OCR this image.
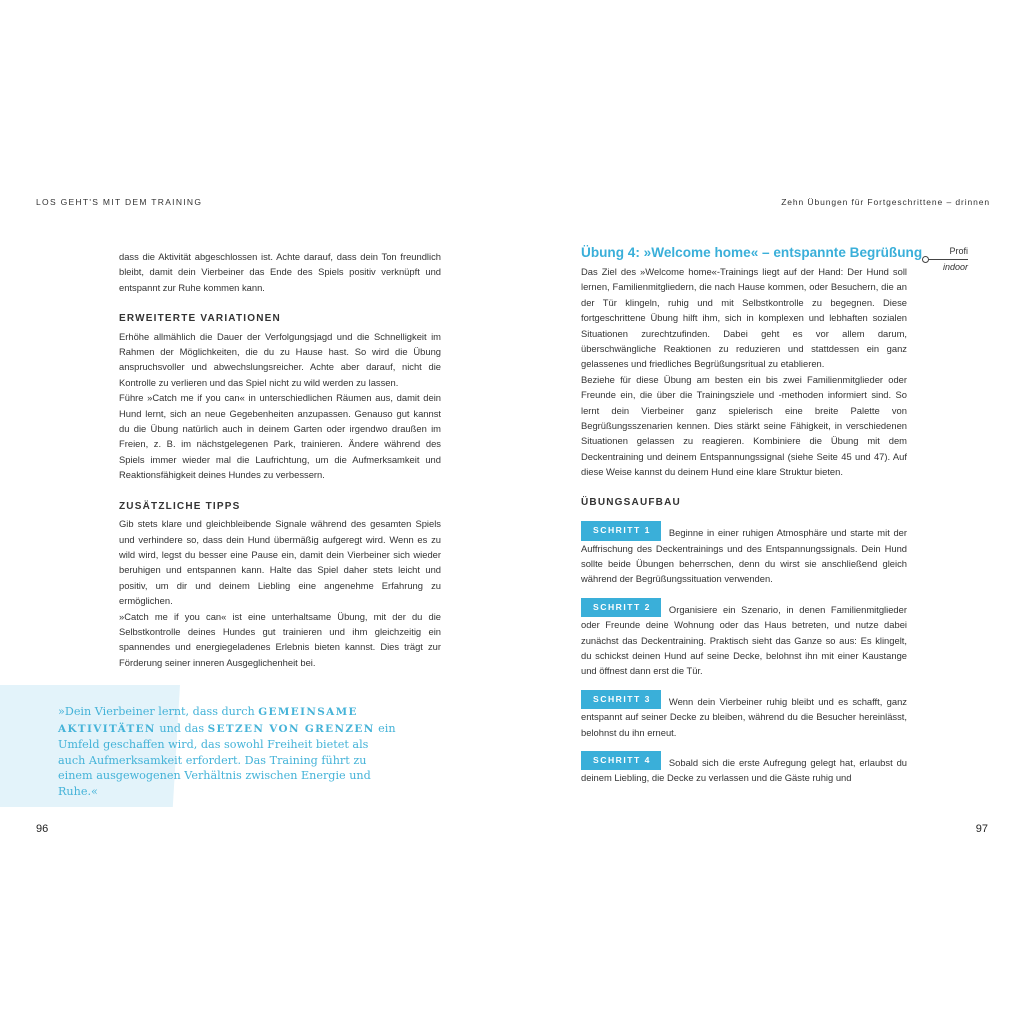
LOS GEHT'S MIT DEM TRAINING	Zehn Übungen für Fortgeschrittene – drinnen

dass die Aktivität abgeschlossen ist. Achte darauf, dass dein Ton freundlich bleibt, damit dein Vierbeiner das Ende des Spiels positiv verknüpft und entspannt zur Ruhe kommen kann.

ERWEITERTE VARIATIONEN

Erhöhe allmählich die Dauer der Verfolgungsjagd und die Schnelligkeit im Rahmen der Möglichkeiten, die du zu Hause hast. So wird die Übung anspruchsvoller und abwechslungsreicher. Achte aber darauf, nicht die Kontrolle zu verlieren und das Spiel nicht zu wild werden zu lassen.

Führe »Catch me if you can« in unterschiedlichen Räumen aus, damit dein Hund lernt, sich an neue Gegebenheiten anzupassen. Genauso gut kannst du die Übung natürlich auch in deinem Garten oder irgendwo draußen im Freien, z. B. im nächstgelegenen Park, trainieren. Ändere während des Spiels immer wieder mal die Laufrichtung, um die Aufmerksamkeit und Reaktionsfähigkeit deines Hundes zu verbessern.

ZUSÄTZLICHE TIPPS

Gib stets klare und gleichbleibende Signale während des gesamten Spiels und verhindere so, dass dein Hund übermäßig aufgeregt wird. Wenn es zu wild wird, legst du besser eine Pause ein, damit dein Vierbeiner sich wieder beruhigen und entspannen kann. Halte das Spiel daher stets leicht und positiv, um dir und deinem Liebling eine angenehme Erfahrung zu ermöglichen.

»Catch me if you can« ist eine unterhaltsame Übung, mit der du die Selbstkontrolle deines Hundes gut trainieren und ihm gleichzeitig ein spannendes und energiegeladenes Erlebnis bieten kannst. Dies trägt zur Förderung seiner inneren Ausgeglichenheit bei.

»Dein Vierbeiner lernt, dass durch GEMEINSAME AKTIVITÄTEN und das SETZEN VON GRENZEN ein Umfeld geschaffen wird, das sowohl Freiheit bietet als auch Aufmerksamkeit erfordert. Das Training führt zu einem ausgewogenen Verhältnis zwischen Energie und Ruhe.«
96
Übung 4: »Welcome home« – entspannte Begrüßung	Profi
indoor

Das Ziel des »Welcome home«-Trainings liegt auf der Hand: Der Hund soll lernen, Familienmitgliedern, die nach Hause kommen, oder Besuchern, die an der Tür klingeln, ruhig und mit Selbstkontrolle zu begegnen. Diese fortgeschrittene Übung hilft ihm, sich in komplexen und lebhaften sozialen Situationen zurechtzufinden. Dabei geht es vor allem darum, überschwängliche Reaktionen zu reduzieren und stattdessen ein ganz gelassenes und friedliches Begrüßungsritual zu etablieren.

Beziehe für diese Übung am besten ein bis zwei Familienmitglieder oder Freunde ein, die über die Trainingsziele und -methoden informiert sind. So lernt dein Vierbeiner ganz spielerisch eine breite Palette von Begrüßungsszenarien kennen. Dies stärkt seine Fähigkeit, in verschiedenen Situationen gelassen zu reagieren. Kombiniere die Übung mit dem Deckentraining und deinem Entspannungssignal (siehe Seite 45 und 47). Auf diese Weise kannst du deinem Hund eine klare Struktur bieten.

ÜBUNGSAUFBAU
SCHRITT 1 Beginne in einer ruhigen Atmosphäre und starte mit der Auffrischung des Deckentrainings und des Entspannungssignals. Dein Hund sollte beide Übungen beherrschen, denn du wirst sie anschließend gleich während der Begrüßungssituation verwenden.
SCHRITT 2 Organisiere ein Szenario, in denen Familienmitglieder oder Freunde deine Wohnung oder das Haus betreten, und nutze dabei zunächst das Deckentraining. Praktisch sieht das Ganze so aus: Es klingelt, du schickst deinen Hund auf seine Decke, belohnst ihn mit einer Kaustange und öffnest dann erst die Tür.
SCHRITT 3 Wenn dein Vierbeiner ruhig bleibt und es schafft, ganz entspannt auf seiner Decke zu bleiben, während du die Besucher hereinlässt, belohnst du ihn erneut.
SCHRITT 4 Sobald sich die erste Aufregung gelegt hat, erlaubst du deinem Liebling, die Decke zu verlassen und die Gäste ruhig und
97
